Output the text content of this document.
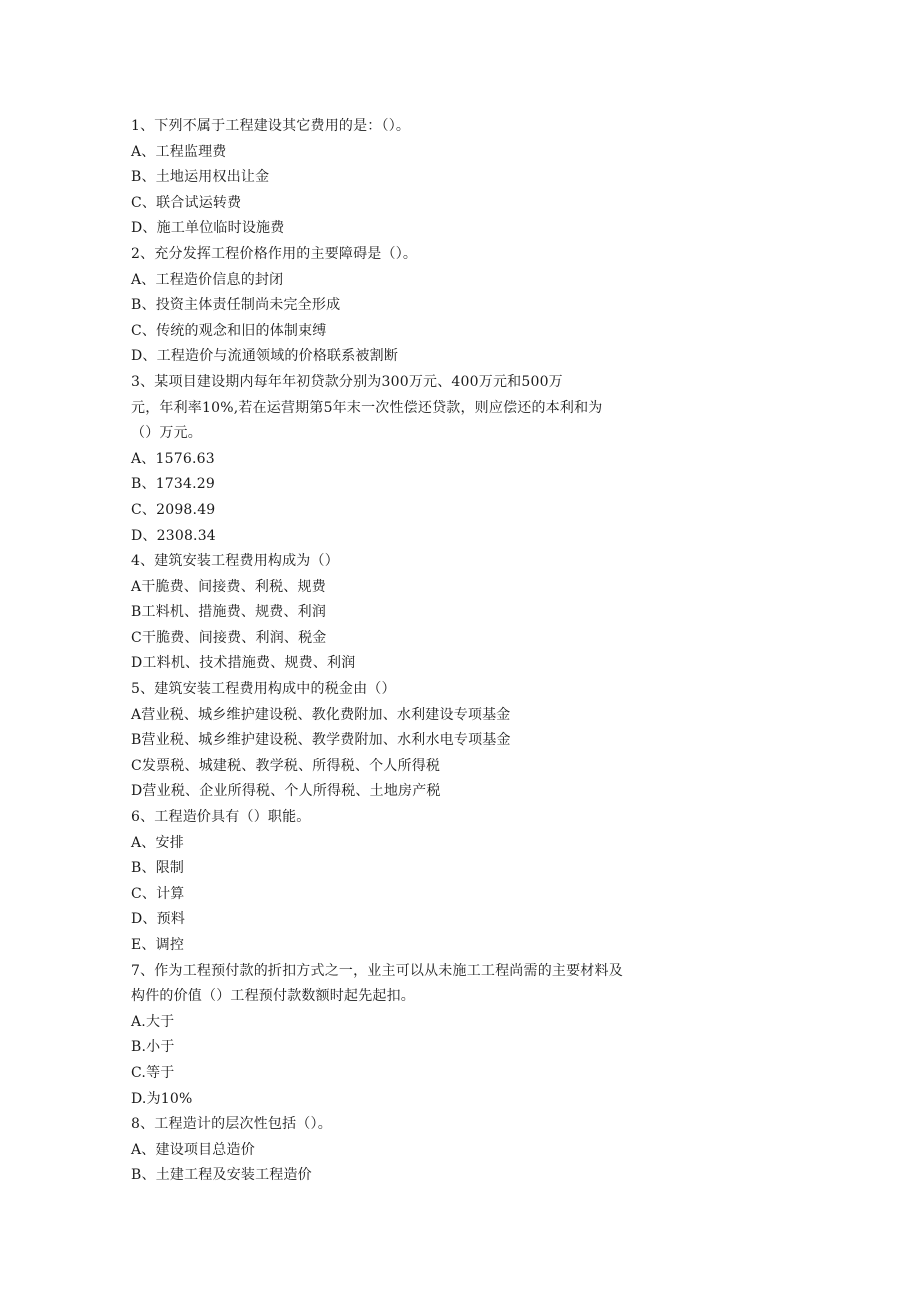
1、下列不属于工程建设其它费用的是：（）。
A、工程监理费
B、土地运用权出让金
C、联合试运转费
D、施工单位临时设施费
2、充分发挥工程价格作用的主要障碍是（）。
A、工程造价信息的封闭
B、投资主体责任制尚未完全形成
C、传统的观念和旧的体制束缚
D、工程造价与流通领域的价格联系被割断
3、某项目建设期内每年年初贷款分别为300万元、400万元和500万
元，年利率10%,若在运营期第5年末一次性偿还贷款，则应偿还的本利和为
（）万元。
A、1576.63
B、1734.29
C、2098.49
D、2308.34
4、建筑安装工程费用构成为（）
A干脆费、间接费、利税、规费
B工料机、措施费、规费、利润
C干脆费、间接费、利润、税金
D工料机、技术措施费、规费、利润
5、建筑安装工程费用构成中的税金由（）
A营业税、城乡维护建设税、教化费附加、水利建设专项基金
B营业税、城乡维护建设税、教学费附加、水利水电专项基金
C发票税、城建税、教学税、所得税、个人所得税
D营业税、企业所得税、个人所得税、土地房产税
6、工程造价具有（）职能。
A、安排
B、限制
C、计算
D、预料
E、调控
7、作为工程预付款的折扣方式之一，业主可以从未施工工程尚需的主要材料及
构件的价值（）工程预付款数额时起先起扣。
A.大于
B.小于
C.等于
D.为10%
8、工程造计的层次性包括（）。
A、建设项目总造价
B、土建工程及安装工程造价
